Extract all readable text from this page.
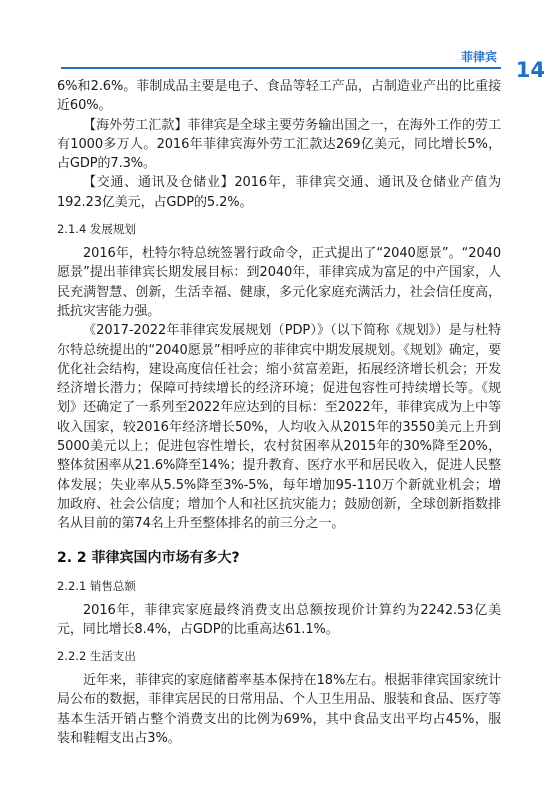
菲律宾
14

6%和2.6%。菲制成品主要是电子、食品等轻工产品，占制造业产出的比重接近60%。

【海外劳工汇款】菲律宾是全球主要劳务输出国之一，在海外工作的劳工有1000多万人。2016年菲律宾海外劳工汇款达269亿美元，同比增长5%，占GDP的7.3%。

【交通、通讯及仓储业】2016年，菲律宾交通、通讯及仓储业产值为192.23亿美元，占GDP的5.2%。

2.1.4 发展规划

2016年，杜特尔特总统签署行政命令，正式提出了“2040愿景”。“2040愿景”提出菲律宾长期发展目标：到2040年，菲律宾成为富足的中产国家，人民充满智慧、创新，生活幸福、健康，多元化家庭充满活力，社会信任度高，抵抗灾害能力强。

《2017-2022年菲律宾发展规划（PDP）》（以下简称《规划》）是与杜特尔特总统提出的“2040愿景”相呼应的菲律宾中期发展规划。《规划》确定，要优化社会结构，建设高度信任社会；缩小贫富差距，拓展经济增长机会；开发经济增长潜力；保障可持续增长的经济环境；促进包容性可持续增长等。《规划》还确定了一系列至2022年应达到的目标：至2022年，菲律宾成为上中等收入国家，较2016年经济增长50%，人均收入从2015年的3550美元上升到5000美元以上；促进包容性增长，农村贫困率从2015年的30%降至20%，整体贫困率从21.6%降至14%；提升教育、医疗水平和居民收入，促进人民整体发展；失业率从5.5%降至3%-5%，每年增加95-110万个新就业机会；增加政府、社会公信度；增加个人和社区抗灾能力；鼓励创新，全球创新指数排名从目前的第74名上升至整体排名的前三分之一。

2. 2 菲律宾国内市场有多大?
2.2.1 销售总额

2016年，菲律宾家庭最终消费支出总额按现价计算约为2242.53亿美元，同比增长8.4%，占GDP的比重高达61.1%。

2.2.2 生活支出

近年来，菲律宾的家庭储蓄率基本保持在18%左右。根据菲律宾国家统计局公布的数据，菲律宾居民的日常用品、个人卫生用品、服装和食品、医疗等基本生活开销占整个消费支出的比例为69%，其中食品支出平均占45%，服装和鞋帽支出占3%。
